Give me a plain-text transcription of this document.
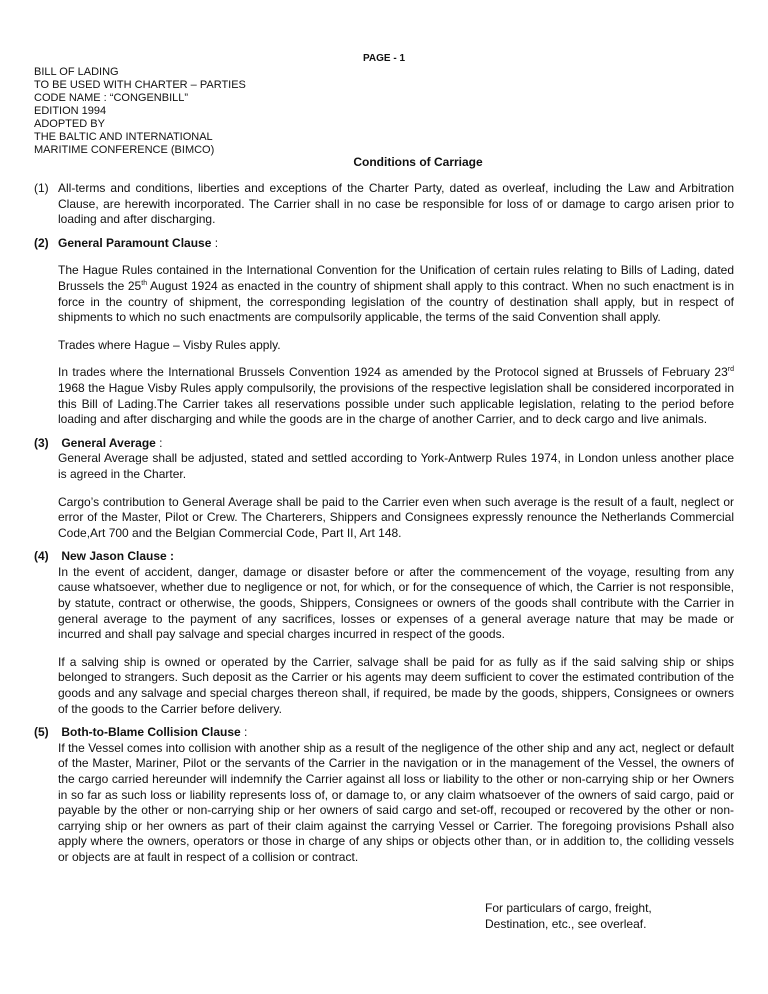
PAGE - 1
BILL OF LADING
TO BE USED WITH CHARTER – PARTIES
CODE NAME : “CONGENBILL”
EDITION 1994
ADOPTED BY
THE BALTIC AND INTERNATIONAL
MARITIME CONFERENCE (BIMCO)
Conditions of Carriage
(1) All-terms and conditions, liberties and exceptions of the Charter Party, dated as overleaf, including the Law and Arbitration Clause, are herewith incorporated. The Carrier shall in no case be responsible for loss of or damage to cargo arisen prior to loading and after discharging.

(2) General Paramount Clause :

The Hague Rules contained in the International Convention for the Unification of certain rules relating to Bills of Lading, dated Brussels the 25th August 1924 as enacted in the country of shipment shall apply to this contract. When no such enactment is in force in the country of shipment, the corresponding legislation of the country of destination shall apply, but in respect of shipments to which no such enactments are compulsorily applicable, the terms of the said Convention shall apply.

Trades where Hague – Visby Rules apply.

In trades where the International Brussels Convention 1924 as amended by the Protocol signed at Brussels of February 23rd 1968 the Hague Visby Rules apply compulsorily, the provisions of the respective legislation shall be considered incorporated in this Bill of Lading.The Carrier takes all reservations possible under such applicable legislation, relating to the period before loading and after discharging and while the goods are in the charge of another Carrier, and to deck cargo and live animals.

(3) General Average :

General Average shall be adjusted, stated and settled according to York-Antwerp Rules 1974, in London unless another place is agreed in the Charter.

Cargo’s contribution to General Average shall be paid to the Carrier even when such average is the result of a fault, neglect or error of the Master, Pilot or Crew. The Charterers, Shippers and Consignees expressly renounce the Netherlands Commercial Code,Art 700 and the Belgian Commercial Code, Part II, Art 148.

(4) New Jason Clause :

In the event of accident, danger, damage or disaster before or after the commencement of the voyage, resulting from any cause whatsoever, whether due to negligence or not, for which, or for the consequence of which, the Carrier is not responsible, by statute, contract or otherwise, the goods, Shippers, Consignees or owners of the goods shall contribute with the Carrier in general average to the payment of any sacrifices, losses or expenses of a general average nature that may be made or incurred and shall pay salvage and special charges incurred in respect of the goods.

If a salving ship is owned or operated by the Carrier, salvage shall be paid for as fully as if the said salving ship or ships belonged to strangers. Such deposit as the Carrier or his agents may deem sufficient to cover the estimated contribution of the goods and any salvage and special charges thereon shall, if required, be made by the goods, shippers, Consignees or owners of the goods to the Carrier before delivery.

(5) Both-to-Blame Collision Clause :

If the Vessel comes into collision with another ship as a result of the negligence of the other ship and any act, neglect or default of the Master, Mariner, Pilot or the servants of the Carrier in the navigation or in the management of the Vessel, the owners of the cargo carried hereunder will indemnify the Carrier against all loss or liability to the other or non-carrying ship or her Owners in so far as such loss or liability represents loss of, or damage to, or any claim whatsoever of the owners of said cargo, paid or payable by the other or non-carrying ship or her owners of said cargo and set-off, recouped or recovered by the other or non-carrying ship or her owners as part of their claim against the carrying Vessel or Carrier. The foregoing provisions Pshall also apply where the owners, operators or those in charge of any ships or objects other than, or in addition to, the colliding vessels or objects are at fault in respect of a collision or contract.

For particulars of cargo, freight,
Destination, etc., see overleaf.
